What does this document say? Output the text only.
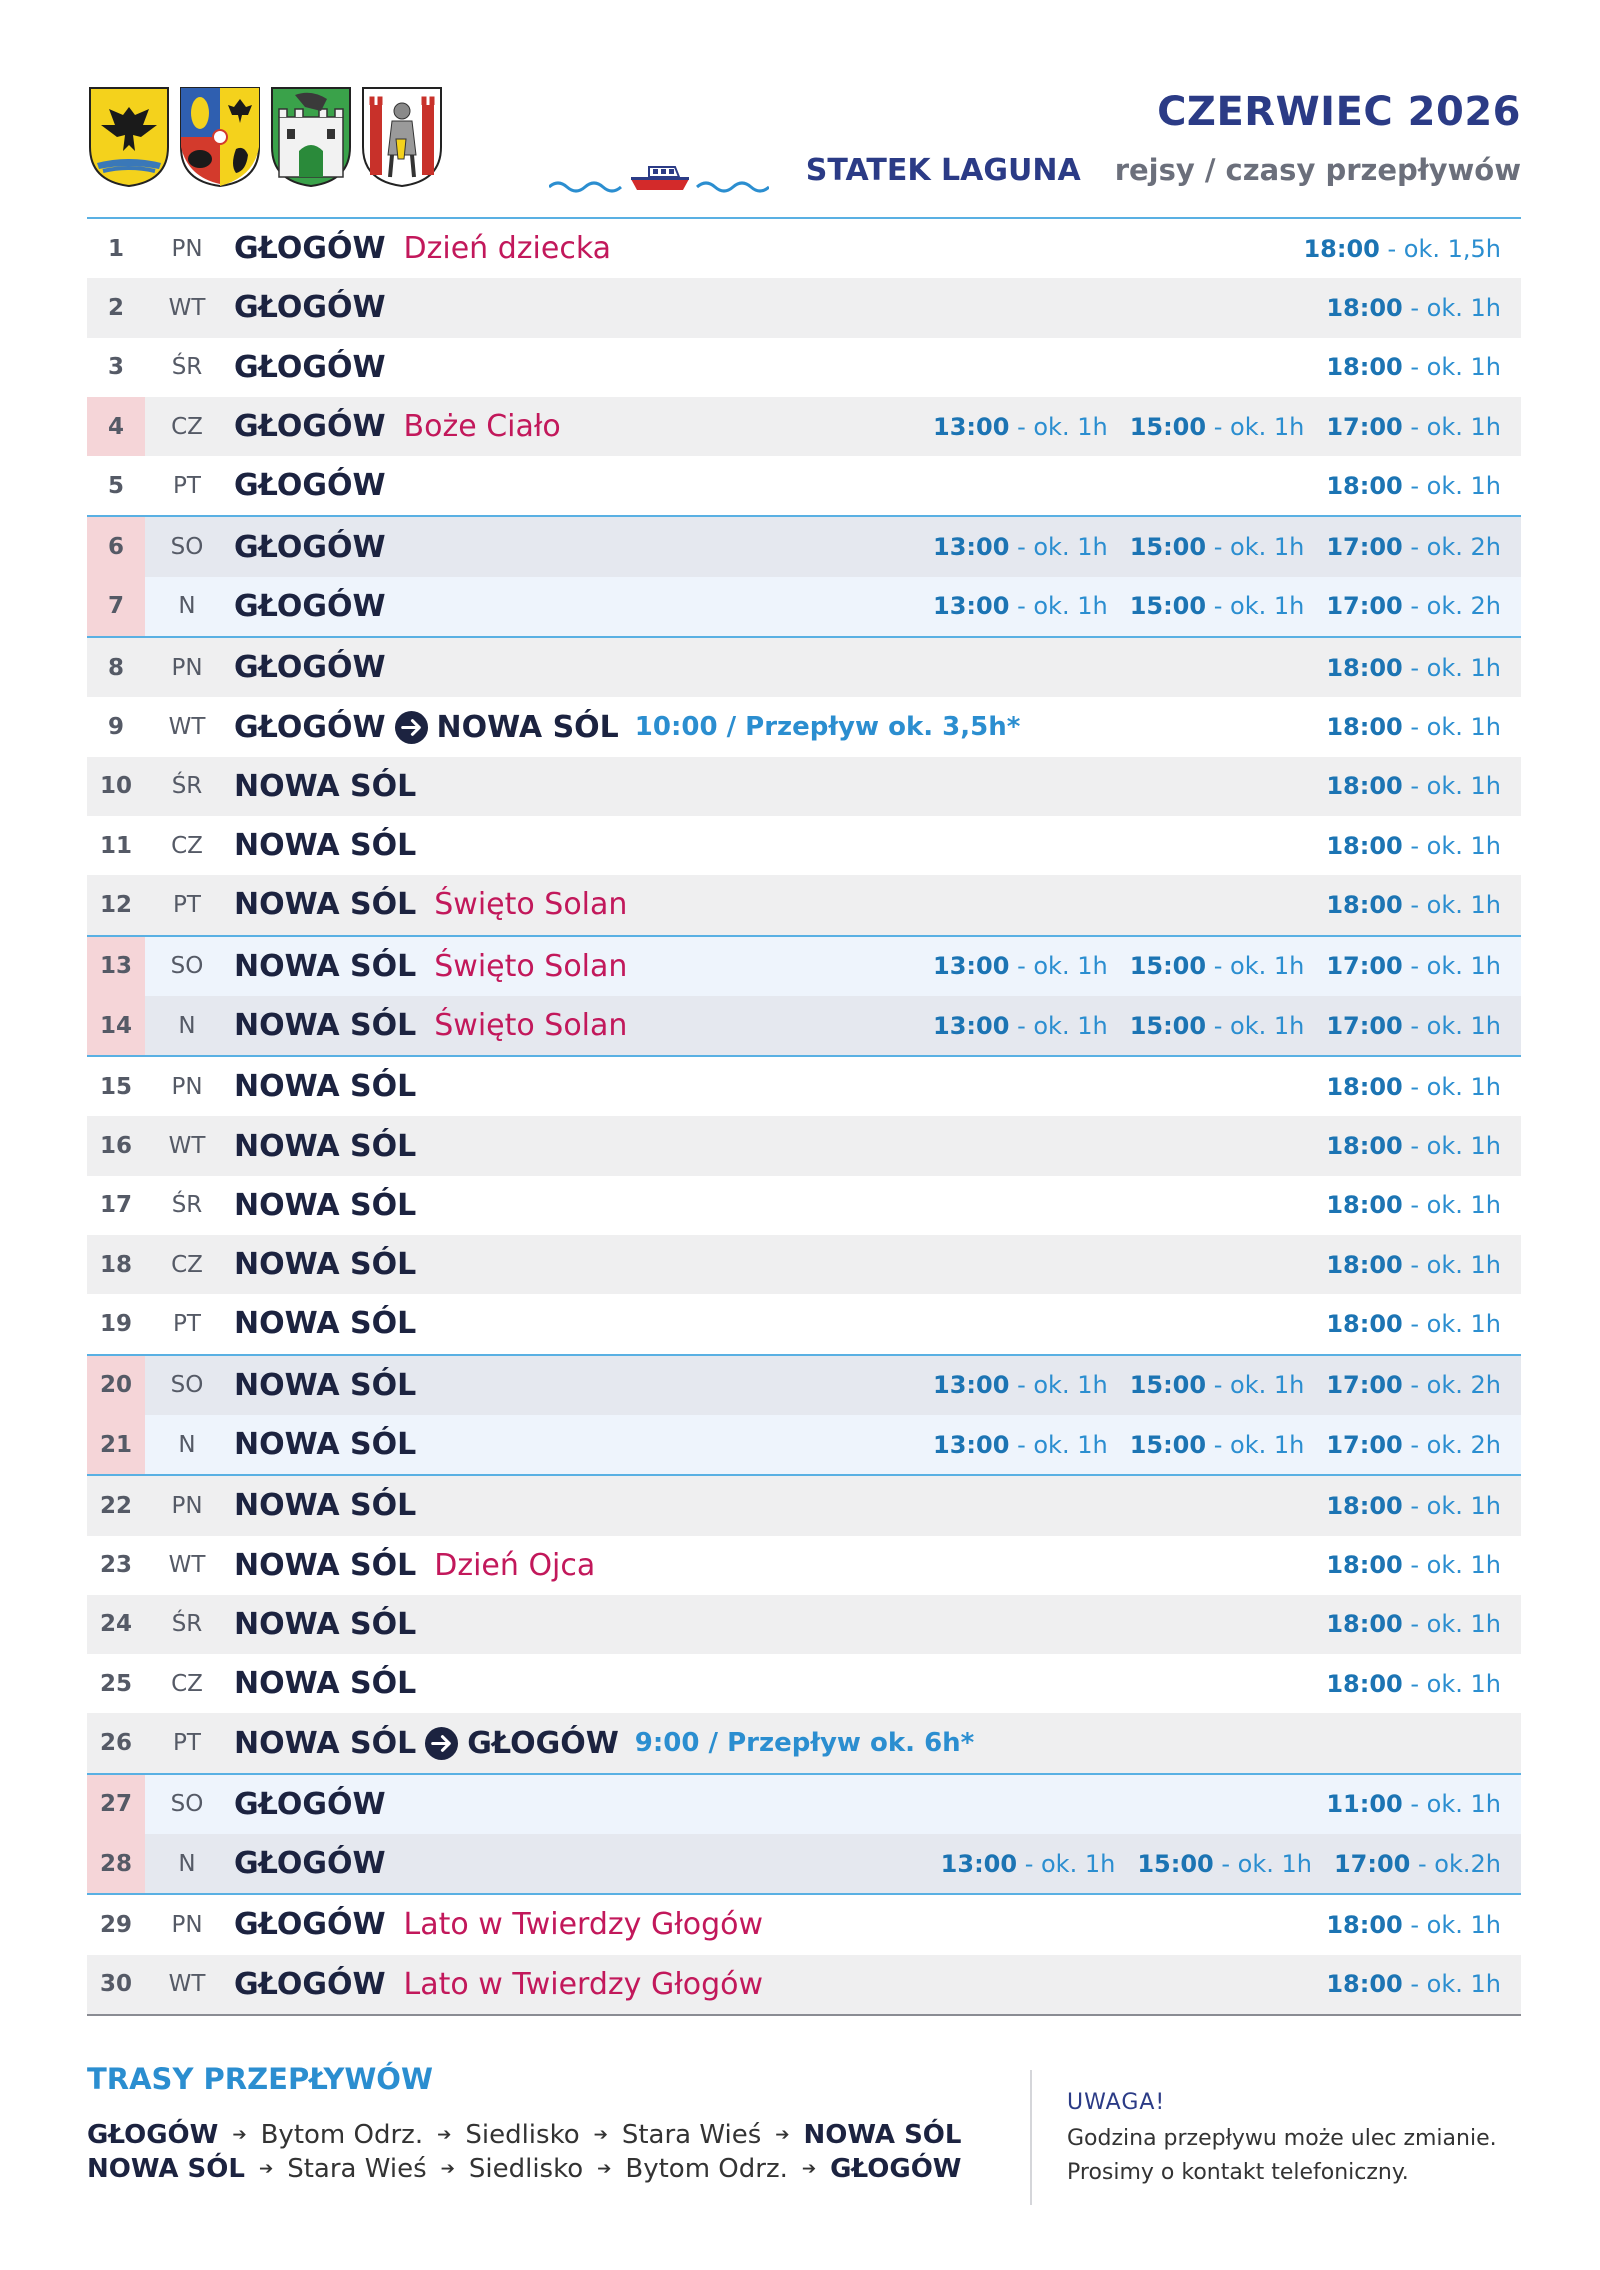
CZERWIEC 2026
STATEK LAGUNA rejsy / czasy przepływów
1	PN	GŁOGÓW Dzień dziecka	18:00 - ok. 1,5h
2	WT GŁOGÓW	18:00 - ok. 1h
3	ŚR	GŁOGÓW	18:00 - ok. 1h
4	CZ	GŁOGÓW Boże Ciało	13:00 - ok. 1h 15:00 - ok. 1h 17:00 - ok. 1h
5	PT	GŁOGÓW	18:00 - ok. 1h
6	SO	GŁOGÓW	13:00 - ok. 1h 15:00 - ok. 1h 17:00 - ok. 2h
7	N	GŁOGÓW	13:00 - ok. 1h 15:00 - ok. 1h 17:00 - ok. 2h
8	PN	GŁOGÓW	18:00 - ok. 1h
9	WT GŁOGÓW NOWA SÓL 10:00 / Przepływ ok. 3,5h*	18:00 - ok. 1h
10	ŚR	NOWA SÓL	18:00 - ok. 1h
11	CZ	NOWA SÓL	18:00 - ok. 1h
12	PT	NOWA SÓL Święto Solan	18:00 - ok. 1h
13	SO	NOWA SÓL Święto Solan	13:00 - ok. 1h 15:00 - ok. 1h 17:00 - ok. 1h
14	N	NOWA SÓL Święto Solan	13:00 - ok. 1h 15:00 - ok. 1h 17:00 - ok. 1h
15	PN	NOWA SÓL	18:00 - ok. 1h
16	WT NOWA SÓL	18:00 - ok. 1h
17	ŚR	NOWA SÓL	18:00 - ok. 1h
18	CZ	NOWA SÓL	18:00 - ok. 1h
19	PT	NOWA SÓL	18:00 - ok. 1h
20	SO	NOWA SÓL	13:00 - ok. 1h 15:00 - ok. 1h 17:00 - ok. 2h
21	N	NOWA SÓL	13:00 - ok. 1h 15:00 - ok. 1h 17:00 - ok. 2h
22	PN	NOWA SÓL	18:00 - ok. 1h
23	WT NOWA SÓL Dzień Ojca	18:00 - ok. 1h
24	ŚR	NOWA SÓL	18:00 - ok. 1h
25	CZ	NOWA SÓL	18:00 - ok. 1h
26	PT	NOWA SÓL GŁOGÓW 9:00 / Przepływ ok. 6h*
27	SO	GŁOGÓW	11:00 - ok. 1h
28	N	GŁOGÓW	13:00 - ok. 1h 15:00 - ok. 1h 17:00 - ok.2h
29	PN	GŁOGÓW Lato w Twierdzy Głogów	18:00 - ok. 1h
30	WT GŁOGÓW Lato w Twierdzy Głogów	18:00 - ok. 1h
TRASY PRZEPŁYWÓW
GŁOGÓW ➔ Bytom Odrz. ➔ Siedlisko ➔ Stara Wieś ➔ NOWA SÓL
NOWA SÓL ➔ Stara Wieś ➔ Siedlisko ➔ Bytom Odrz. ➔ GŁOGÓW
UWAGA!
Godzina przepływu może ulec zmianie.
Prosimy o kontakt telefoniczny.
